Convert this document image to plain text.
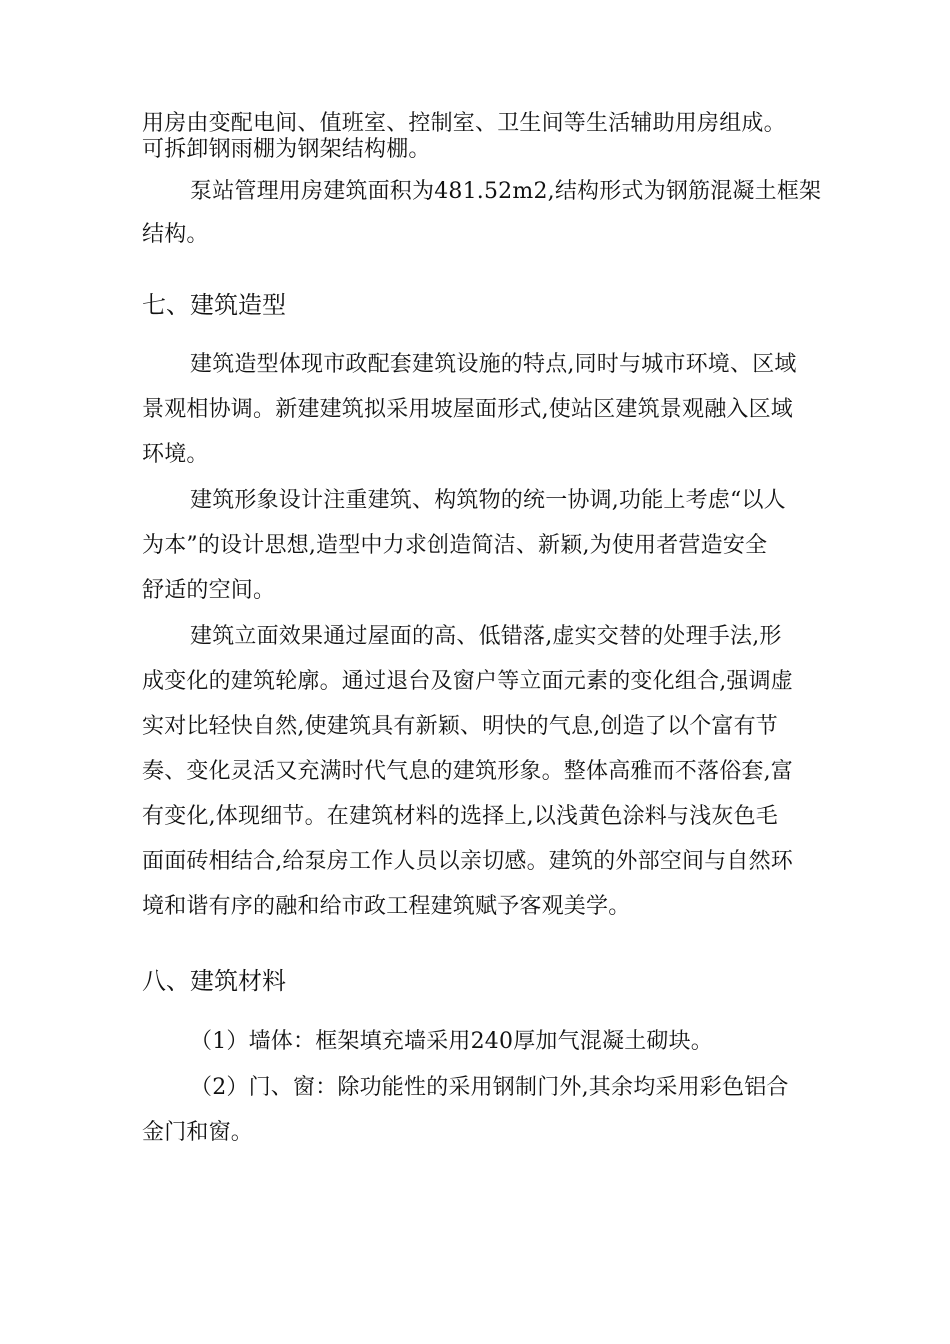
用房由变配电间、值班室、控制室、卫生间等生活辅助用房组成。
可拆卸钢雨棚为钢架结构棚。
泵站管理用房建筑面积为481.52m2,结构形式为钢筋混凝土框架
结构。
七、建筑造型
建筑造型体现市政配套建筑设施的特点,同时与城市环境、区域
景观相协调。新建建筑拟采用坡屋面形式,使站区建筑景观融入区域
环境。
建筑形象设计注重建筑、构筑物的统一协调,功能上考虑“以人
为本”的设计思想,造型中力求创造简洁、新颖,为使用者营造安全
舒适的空间。
建筑立面效果通过屋面的高、低错落,虚实交替的处理手法,形
成变化的建筑轮廓。通过退台及窗户等立面元素的变化组合,强调虚
实对比轻快自然,使建筑具有新颖、明快的气息,创造了以个富有节
奏、变化灵活又充满时代气息的建筑形象。整体高雅而不落俗套,富
有变化,体现细节。在建筑材料的选择上,以浅黄色涂料与浅灰色毛
面面砖相结合,给泵房工作人员以亲切感。建筑的外部空间与自然环
境和谐有序的融和给市政工程建筑赋予客观美学。
八、建筑材料
（1）墙体：框架填充墙采用240厚加气混凝土砌块。
（2）门、窗：除功能性的采用钢制门外,其余均采用彩色铝合
金门和窗。
